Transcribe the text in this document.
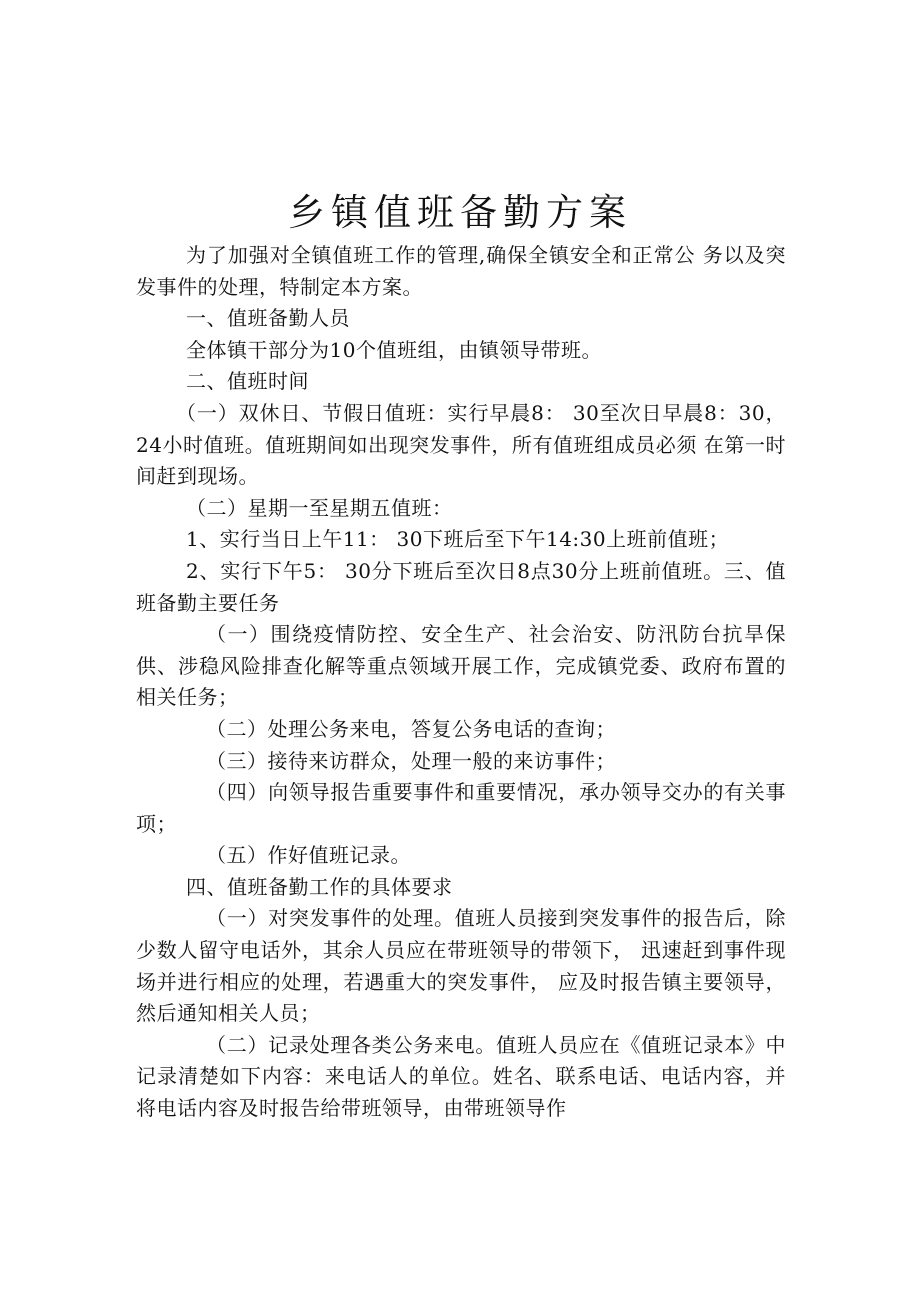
乡镇值班备勤方案

为了加强对全镇值班工作的管理,确保全镇安全和正常公 务以及突发事件的处理，特制定本方案。

一、值班备勤人员

全体镇干部分为10个值班组，由镇领导带班。

二、值班时间

（一）双休日、节假日值班：实行早晨8： 30至次日早晨8：30，24小时值班。值班期间如出现突发事件，所有值班组成员必须 在第一时间赶到现场。

（二）星期一至星期五值班：

1、实行当日上午11： 30下班后至下午14:30上班前值班；

2、实行下午5： 30分下班后至次日8点30分上班前值班。三、值班备勤主要任务

（一）围绕疫情防控、安全生产、社会治安、防汛防台抗旱保供、涉稳风险排查化解等重点领域开展工作，完成镇党委、政府布置的相关任务；

（二）处理公务来电，答复公务电话的查询；

（三）接待来访群众，处理一般的来访事件；

（四）向领导报告重要事件和重要情况，承办领导交办的有关事项；

（五）作好值班记录。

四、值班备勤工作的具体要求

（一）对突发事件的处理。值班人员接到突发事件的报告后，除少数人留守电话外，其余人员应在带班领导的带领下， 迅速赶到事件现场并进行相应的处理，若遇重大的突发事件， 应及时报告镇主要领导，然后通知相关人员；

（二）记录处理各类公务来电。值班人员应在《值班记录本》中记录清楚如下内容：来电话人的单位。姓名、联系电话、电话内容，并将电话内容及时报告给带班领导，由带班领导作
